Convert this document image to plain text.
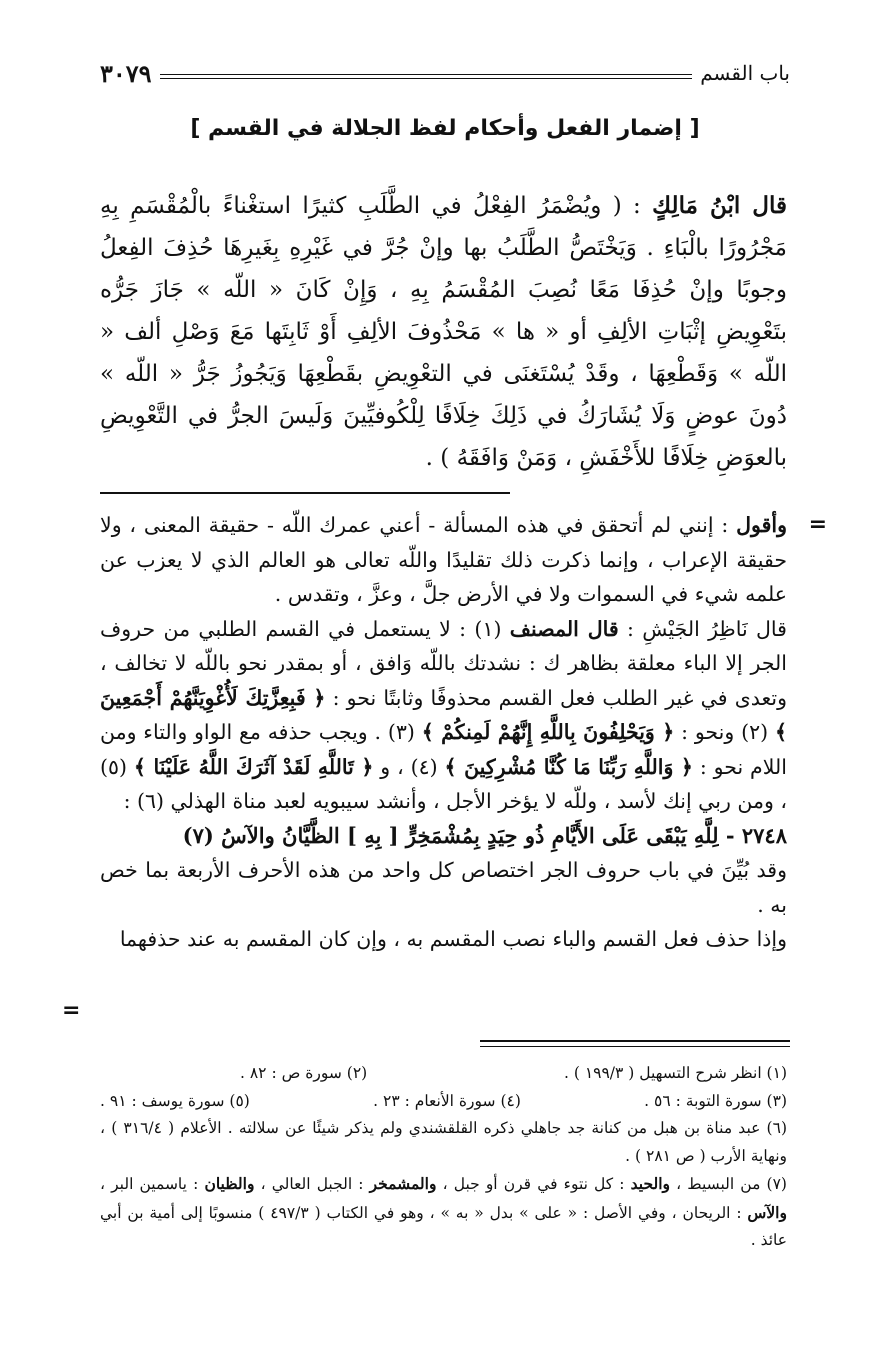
باب القسم
٣٠٧٩
[ إضمار الفعل وأحكام لفظ الجلالة في القسم ]
قال ابْنُ مَالِكٍ : ( ويُضْمَرُ الفِعْلُ في الطَّلَبِ كثيرًا استغْناءً بالْمُقْسَمِ بِهِ مَجْرُورًا بالْبَاءِ . وَيَخْتَصُّ الطَّلَبُ بها وإنْ جُرَّ في غَيْرِهِ بِغَيرِهَا حُذِفَ الفِعلُ وجوبًا وإنْ حُذِفَا مَعًا نُصِبَ المُقْسَمُ بِهِ ، وَإِنْ كَانَ « اللّه » جَازَ جَرُّه بتَعْوِيضِ إثْبَاتِ الألِفِ أو « ها » مَحْذُوفَ الألِفِ أَوْ ثَابِتَها مَعَ وَصْلِ ألف « اللّه » وَقَطْعِهَا ، وقَدْ يُسْتَغنَى في التعْوِيضِ بقَطْعِهَا وَيَجُوزُ جَرُّ « اللّه » دُونَ عوضٍ وَلَا يُشَارَكُ في ذَلِكَ خِلَافًا لِلْكُوفيِّينَ وَلَيسَ الجرُّ في التَّعْوِيضِ بالعوَضِ خِلَافًا للأَخْفَشِ ، وَمَنْ وَافَقَهُ ) .

وأقول : إنني لم أتحقق في هذه المسألة - أعني عمرك اللّه - حقيقة المعنى ، ولا حقيقة الإعراب ، وإنما ذكرت ذلك تقليدًا واللّه تعالى هو العالم الذي لا يعزب عن علمه شيء في السموات ولا في الأرض جلَّ ، وعزَّ ، وتقدس .

قال نَاظِرُ الجَيْشِ : قال المصنف (١) : لا يستعمل في القسم الطلبي من حروف الجر إلا الباء معلقة بظاهر ك : نشدتك باللّه وَافق ، أو بمقدر نحو باللّه لا تخالف ، وتعدى في غير الطلب فعل القسم محذوفًا وثابتًا نحو : ﴿ فَبِعِزَّتِكَ لَأُغْوِيَنَّهُمْ أَجْمَعِينَ ﴾ (٢) ونحو : ﴿ وَيَحْلِفُونَ بِاللَّهِ إِنَّهُمْ لَمِنكُمْ ﴾ (٣) . ويجب حذفه مع الواو والتاء ومن اللام نحو : ﴿ وَاللَّهِ رَبِّنَا مَا كُنَّا مُشْرِكِينَ ﴾ (٤) ، و ﴿ تَاللَّهِ لَقَدْ آثَرَكَ اللَّهُ عَلَيْنَا ﴾ (٥) ، ومن ربي إنك لأسد ، وللّه لا يؤخر الأجل ، وأنشد سيبويه لعبد مناة الهذلي (٦) :

٢٧٤٨ - لِلَّهِ يَبْقَى عَلَى الأَيَّامِ ذُو حِيَدٍ بِمُشْمَخِرٍّ [ بِهِ ] الظَّيَّانُ والآسُ (٧)

وقد بُيِّنَ في باب حروف الجر اختصاص كل واحد من هذه الأحرف الأربعة بما خص به .

وإذا حذف فعل القسم والباء نصب المقسم به ، وإن كان المقسم به عند حذفهما

=
=
(١) انظر شرح التسهيل ( ١٩٩/٣ ) .
(٢) سورة ص : ٨٢ .
(٣) سورة التوبة : ٥٦ .
(٤) سورة الأنعام : ٢٣ .
(٥) سورة يوسف : ٩١ .

(٦) عبد مناة بن هبل من كنانة جد جاهلي ذكره القلقشندي ولم يذكر شيئًا عن سلالته . الأعلام ( ٣١٦/٤ ) ، ونهاية الأرب ( ص ٢٨١ ) .

(٧) من البسيط ، والحيد : كل نتوء في قرن أو جبل ، والمشمخر : الجبل العالي ، والظيان : ياسمين البر ، والآس : الريحان ، وفي الأصل : « على » بدل « به » ، وهو في الكتاب ( ٤٩٧/٣ ) منسوبًا إلى أمية بن أبي عائذ .
